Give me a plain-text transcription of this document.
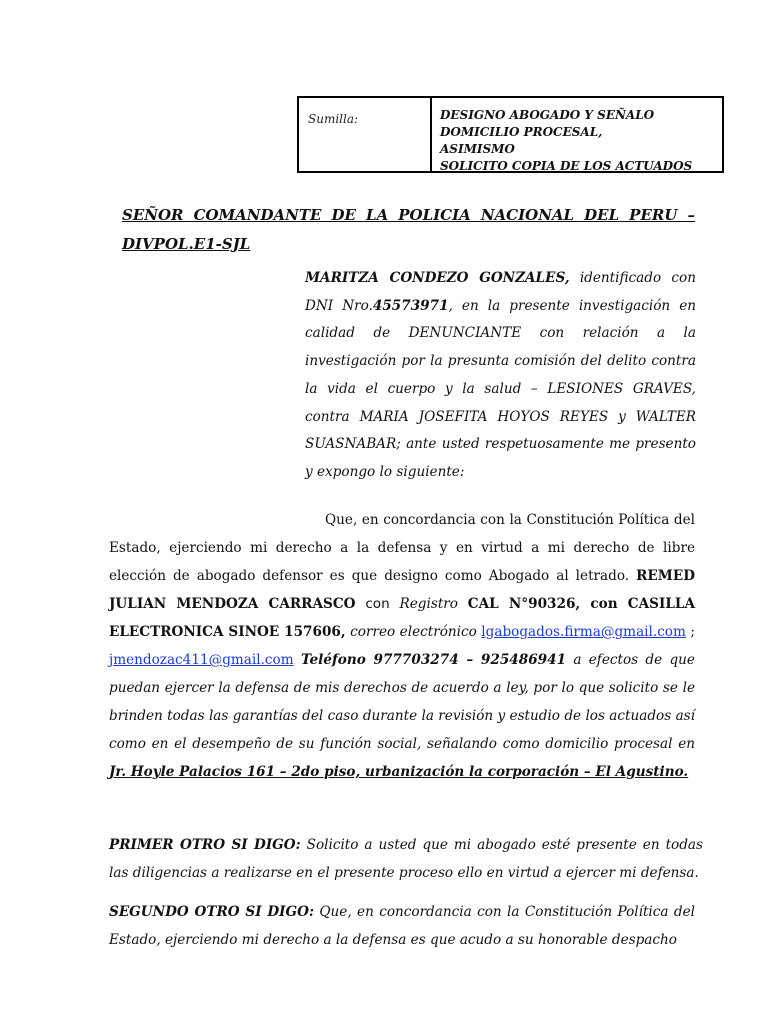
Sumilla:	DESIGNO ABOGADO Y SEÑALO
DOMICILIO PROCESAL,
ASIMISMO
SOLICITO COPIA DE LOS ACTUADOS
SEÑOR COMANDANTE DE LA POLICIA NACIONAL DEL PERU – DIVPOL.E1-SJL
MARITZA CONDEZO GONZALES, identificado con DNI Nro.45573971, en la presente investigación en calidad de DENUNCIANTE con relación a la investigación por la presunta comisión del delito contra la vida el cuerpo y la salud – LESIONES GRAVES, contra MARIA JOSEFITA HOYOS REYES y WALTER SUASNABAR; ante usted respetuosamente me presento y expongo lo siguiente:
Que, en concordancia con la Constitución Política del Estado, ejerciendo mi derecho a la defensa y en virtud a mi derecho de libre elección de abogado defensor es que designo como Abogado al letrado. REMED JULIAN MENDOZA CARRASCO con Registro CAL N°90326, con CASILLA ELECTRONICA SINOE 157606, correo electrónico lgabogados.firma@gmail.com ; jmendozac411@gmail.com Teléfono 977703274 – 925486941 a efectos de que puedan ejercer la defensa de mis derechos de acuerdo a ley, por lo que solicito se le brinden todas las garantías del caso durante la revisión y estudio de los actuados así como en el desempeño de su función social, señalando como domicilio procesal en Jr. Hoyle Palacios 161 – 2do piso, urbanización la corporación – El Agustino.
PRIMER OTRO SI DIGO: Solicito a usted que mi abogado esté presente en todas las diligencias a realizarse en el presente proceso ello en virtud a ejercer mi defensa.
SEGUNDO OTRO SI DIGO: Que, en concordancia con la Constitución Política del Estado, ejerciendo mi derecho a la defensa es que acudo a su honorable despacho
